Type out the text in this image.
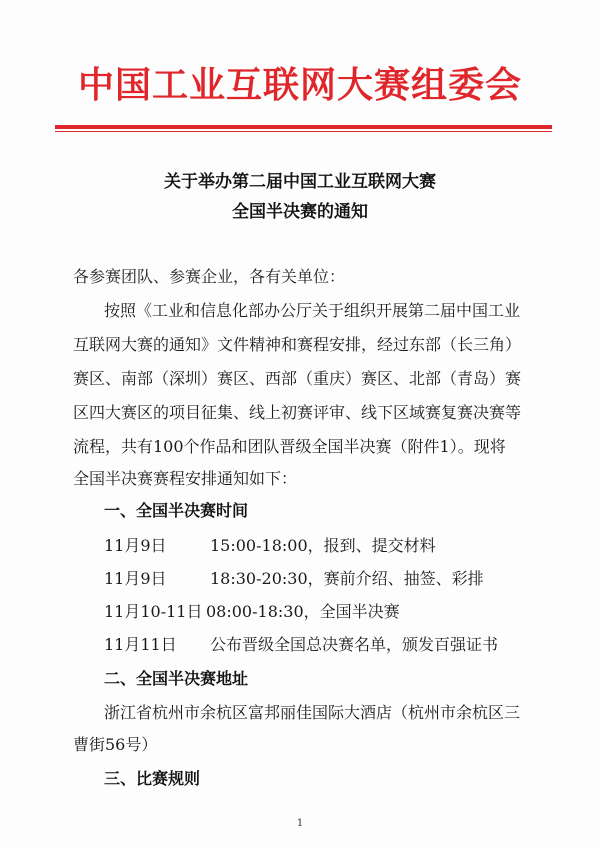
中国工业互联网大赛组委会
关于举办第二届中国工业互联网大赛
全国半决赛的通知
各参赛团队、参赛企业，各有关单位：
按照《工业和信息化部办公厅关于组织开展第二届中国工业
互联网大赛的通知》文件精神和赛程安排，经过东部（长三角）
赛区、南部（深圳）赛区、西部（重庆）赛区、北部（青岛）赛
区四大赛区的项目征集、线上初赛评审、线下区域赛复赛决赛等
流程，共有100个作品和团队晋级全国半决赛（附件1）。现将
全国半决赛赛程安排通知如下：
一、全国半决赛时间
11月9日	15:00-18:00，报到、提交材料
11月9日	18:30-20:30，赛前介绍、抽签、彩排
11月10-11日 08:00-18:30，全国半决赛
11月11日 公布晋级全国总决赛名单，颁发百强证书
二、全国半决赛地址
浙江省杭州市余杭区富邦丽佳国际大酒店（杭州市余杭区三
曹街56号）
三、比赛规则
1
